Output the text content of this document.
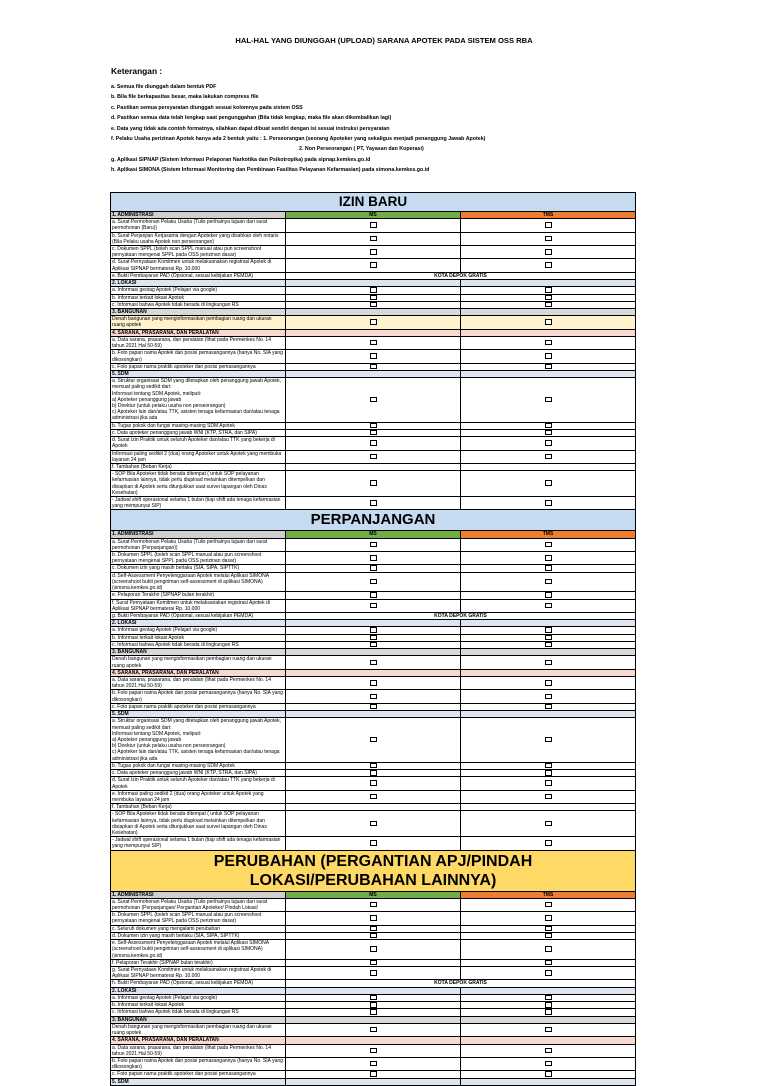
HAL-HAL YANG DIUNGGAH (UPLOAD) SARANA APOTEK PADA SISTEM OSS RBA
Keterangan :
a. Semua file diunggah dalam bentuk PDF
b. Bila file berkapasitas besar, maka lakukan compress file
c. Pastikan semua persyaratan diunggah sesuai kolomnya pada sistem OSS
d. Pastikan semua data telah lengkap saat pengunggahan (Bila tidak lengkap, maka file akan dikembalikan lagi)
e. Data yang tidak ada contoh formatnya, silahkan dapat dibuat sendiri dengan isi sesuai instruksi persyaratan
f. Pelaku Usaha perizinan Apotek hanya ada 2 bentuk yaitu : 1. Perseorangan (seorang Apoteker yang sekaligus menjadi penanggung Jawab Apotek)
2. Non Perseorangan ( PT, Yayasan dan Koperasi)
g. Aplikasi SIPNAP (Sistem Informasi Pelaporan Narkotika dan Psikotropika) pada sipnap.kemkes.go.id
h. Aplikasi SIMONA (Sistem Informasi Monitoring dan Pembinaan Fasilitas Pelayanan Kefarmasian) pada simona.kemkes.go.id
IZIN BARU		
1. ADMINISTRASI	MS	TMS
a. Surat Permohonan Pelaku Usaha (Tulis perihalnya tujuan dari surat permohonan (Baru))		
b. Surat Perjanjian Kerjasama dengan Apoteker yang disahkan oleh notaris (Bila Pelaku usaha Apotek non perseorangan)		
c. Dokumen SPPL (boleh scan SPPL manual atau pun screenshoot pernyataan mengenai SPPL pada OSS perizinan dasar)		
d. Surat Pernyataan Komitmen untuk melaksanakan registrasi Apotek di Aplikasi SIPNAP bermaterai Rp. 10.000		
e. Bukti Pembayaran PAD (Opsional, sesuai kebijakan PEMDA)	KOTA DEPOK GRATIS	
2. LOKASI		
a. Informasi geotag Apotek (Pelajari via google)		
b. Informasi terkait lokasi Apotek		
c. Informasi bahwa Apotek tidak berada di lingkungan RS		
3. BANGUNAN		
Denah bangunan yang menginformasikan pembagian ruang dan ukuran ruang apotek		
4. SARANA, PRASARANA, DAN PERALATAN		
a. Data sarana, prasarana, dan peralatan (lihat pada Permenkes No. 14 tahun 2021 Hal 50-59)		
b. Foto papan nama Apotek dan posisi pemasangannya (hanya No. SIA yang dikosongkan)		
c. Foto papan nama praktik apoteker dan posisi pemasangannya		
5. SDM		
a. Struktur organisasi SDM yang ditetapkan oleh penanggung jawab Apotek, memuat paling sedikit dari:
Informasi tentang SDM Apotek, meliputi:
a) Apoteker penanggung jawab
b) Direktur (untuk pelaku usaha non perseorangan)
c) Apoteker lain dan/atau TTK, asisten tenaga kefarmasian dan/atau tenaga administrasi jika ada		
b. Tugas pokok dan fungsi masing-masing SDM Apotek		
c. Data apoteker penanggung jawab WNI (KTP, STRA, dan SIPA)		
d. Surat Izin Praktik untuk seluruh Apoteker dan/atau TTK yang bekerja di Apotek		
Informasi paling sedikit 2 (dua) orang Apoteker untuk Apotek yang membuka layanan 24 jam		
f. Tambahan (Beban Kerja)		
- SOP Bila Apoteker tidak berada ditempat ( untuk SOP pelayanan kefarmasian lainnya, tidak perlu diupload melainkan ditempelkan dan
disiapkan di Apotek serta ditunjukkan saat survei lapangan oleh Dinas Kesehatan)		
- Jadwal shift operasional selama 1 bulan (tiap shift ada tenaga kefarmasian yang mempunyai SIP)		
PERPANJANGAN		
1. ADMINISTRASI	MS	TMS
a. Surat Permohonan Pelaku Usaha (Tulis perihalnya tujuan dari surat permohonan (Perpanjangan))		
b. Dokumen SPPL (boleh scan SPPL manual atau pun screenshoot pernyataan mengenai SPPL pada OSS perizinan dasar)		
c. Dokumen izin yang masih berlaku (SIA, SIPA, SIPTTK)		
d. Self-Assessment Penyelenggaraan Apotek melalui Aplikasi SIMONA (screenshoot bukti pengiriman self-assessment di aplikasi SIMONA)
(simona.kemkes.go.id)		
e. Pelaporan Terakhir (SIPNAP bulan terakhir)		
f. Surat Pernyataan Komitmen untuk melaksanakan registrasi Apotek di Aplikasi SIPNAP bermaterai Rp. 10.000		
g. Bukti Pembayaran PAD (Opsional, sesuai kebijakan PEMDA)	KOTA DEPOK GRATIS	
2. LOKASI		
a. Informasi geotag Apotek (Pelajari via google)		
b. Informasi terkait lokasi Apotek		
c. Informasi bahwa Apotek tidak berada di lingkungan RS		
3. BANGUNAN		
Denah bangunan yang menginformasikan pembagian ruang dan ukuran ruang apotek		
4. SARANA, PRASARANA, DAN PERALATAN		
a. Data sarana, prasarana, dan peralatan (lihat pada Permenkes No. 14 tahun 2021 Hal 50-59)		
b. Foto papan nama Apotek dan posisi pemasangannya (hanya No. SIA yang dikosongkan)		
c. Foto papan nama praktik apoteker dan posisi pemasangannya		
5. SDM		
a. Struktur organisasi SDM yang ditetapkan oleh penanggung jawab Apotek, memuat paling sedikit dari:
Informasi tentang SDM Apotek, meliputi:
a) Apoteker penanggung jawab
b) Direktur (untuk pelaku usaha non perseorangan)
c) Apoteker lain dan/atau TTK, asisten tenaga kefarmasian dan/atau tenaga administrasi jika ada		
b. Tugas pokok dan fungsi masing-masing SDM Apotek		
c. Data apoteker penanggung jawab WNI (KTP, STRA, dan SIPA)		
d. Surat Izin Praktik untuk seluruh Apoteker dan/atau TTK yang bekerja di Apotek		
e. Informasi paling sedikit 2 (dua) orang Apoteker untuk Apotek yang membuka layanan 24 jam		
f. Tambahan (Beban Kerja)		
- SOP Bila Apoteker tidak berada ditempat ( untuk SOP pelayanan kefarmasian lainnya, tidak perlu diupload melainkan ditempelkan dan
disiapkan di Apotek serta ditunjukkan saat survei lapangan oleh Dinas Kesehatan)		
- Jadwal shift operasional selama 1 bulan (tiap shift ada tenaga kefarmasian yang mempunyai SIP)		
PERUBAHAN (PERGANTIAN APJ/PINDAH
LOKASI/PERUBAHAN LAINNYA)		
1. ADMINISTRASI	MS	TMS
a. Surat Permohonan Pelaku Usaha (Tulis perihalnya tujuan dari surat permohonan (Perpanjangan/ Pergantian Apoteker/ Pindah Lokasi/		
b. Dokumen SPPL (boleh scan SPPL manual atau pun screenshoot pernyataan mengenai SPPL pada OSS perizinan dasar)		
c. Seluruh dokumen yang mengalami perubahan		
d. Dokumen izin yang masih berlaku (SIA, SIPA, SIPTTK)		
e. Self-Assessment Penyelenggaraan Apotek melalui Aplikasi SIMONA (screenshoot bukti pengiriman self-assessment di aplikasi SIMONA)
(simona.kemkes.go.id)		
f. Pelaporan Terakhir (SIPNAP bulan terakhir)		
g. Surat Pernyataan Komitmen untuk melaksanakan registrasi Apotek di Aplikasi SIPNAP bermaterai Rp. 10.000		
h. Bukti Pembayaran PAD (Opsional, sesuai kebijakan PEMDA)	KOTA DEPOK GRATIS	
2. LOKASI		
a. Informasi geotag Apotek (Pelajari via google)		
b. Informasi terkait lokasi Apotek		
c. Informasi bahwa Apotek tidak berada di lingkungan RS		
3. BANGUNAN		
Denah bangunan yang menginformasikan pembagian ruang dan ukuran ruang apotek		
4. SARANA, PRASARANA, DAN PERALATAN		
a. Data sarana, prasarana, dan peralatan (lihat pada Permenkes No. 14 tahun 2021 Hal 50-59)		
b. Foto papan nama Apotek dan posisi pemasangannya (hanya No. SIA yang dikosongkan)		
c. Foto papan nama praktik apoteker dan posisi pemasangannya		
5. SDM		
